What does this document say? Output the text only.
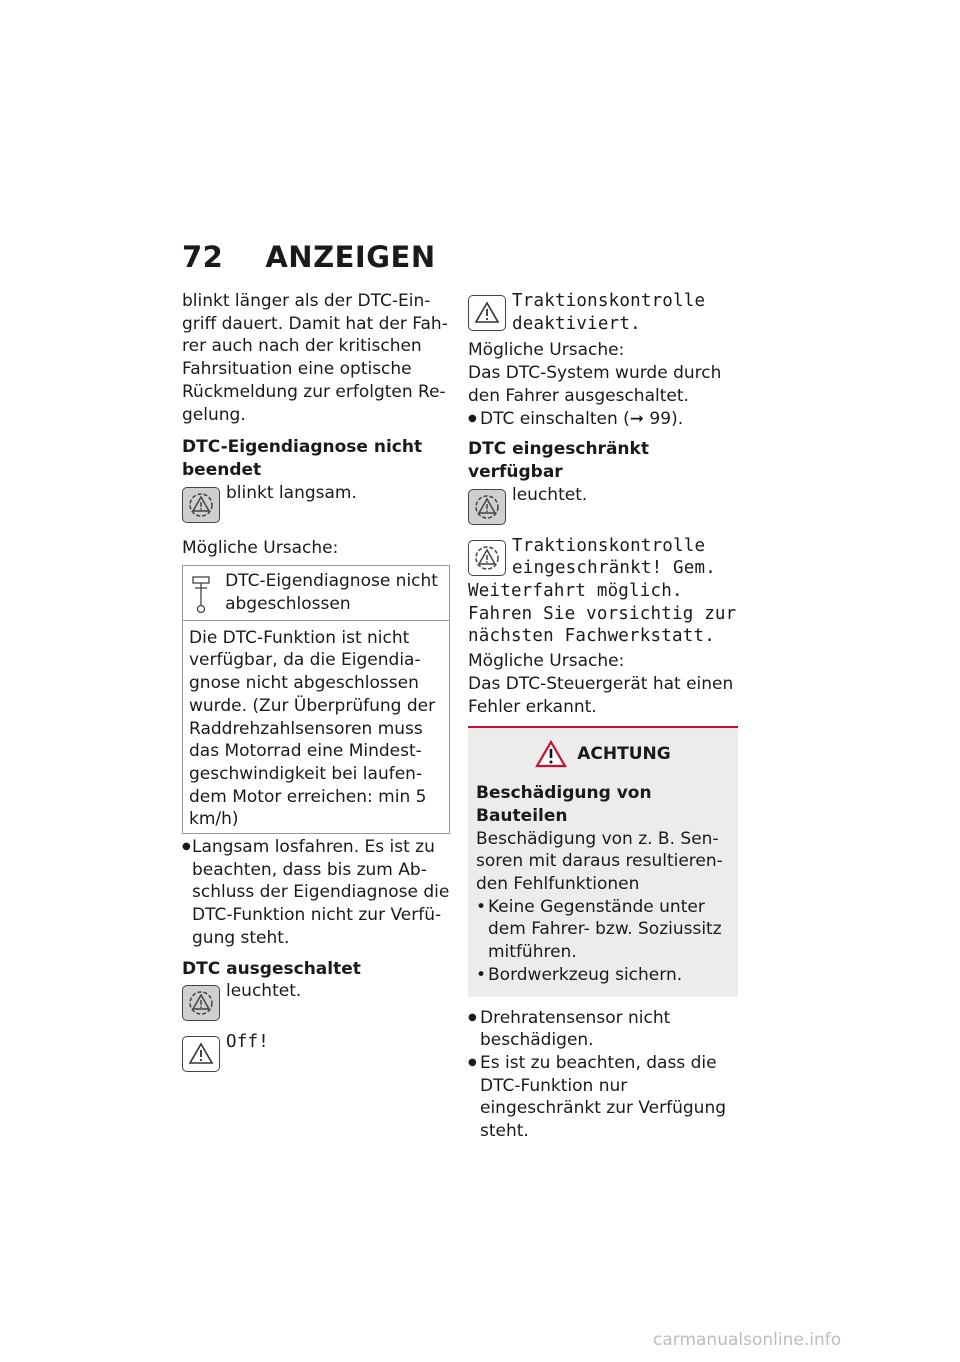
72 ANZEIGEN

blinkt länger als der DTC-Eingriff dauert. Damit hat der Fahrer auch nach der kritischen Fahrsituation eine optische Rückmeldung zur erfolgten Regelung.

DTC-Eigendiagnose nicht beendet

blinkt langsam.

Mögliche Ursache:

DTC-Eigendiagnose nicht abgeschlossen

Die DTC-Funktion ist nicht verfügbar, da die Eigendiagnose nicht abgeschlossen wurde. (Zur Überprüfung der Raddrehzahlsensoren muss das Motorrad eine Mindestgeschwindigkeit bei laufendem Motor erreichen: min 5 km/h)

● Langsam losfahren. Es ist zu beachten, dass bis zum Abschluss der Eigendiagnose die DTC-Funktion nicht zur Verfügung steht.

DTC ausgeschaltet

leuchtet.

Off!

Traktionskontrolle deaktiviert.

Mögliche Ursache:

Das DTC-System wurde durch den Fahrer ausgeschaltet.

● DTC einschalten (➞ 99).

DTC eingeschränkt verfügbar

leuchtet.

Traktionskontrolle

eingeschränkt! Gem.

Weiterfahrt möglich. Fahren Sie vorsichtig zur nächsten Fachwerkstatt.

Mögliche Ursache:

Das DTC-Steuergerät hat einen Fehler erkannt.

ACHTUNG

Beschädigung von Bauteilen

Beschädigung von z. B. Sensoren mit daraus resultierenden Fehlfunktionen

• Keine Gegenstände unter dem Fahrer- bzw. Soziussitz mitführen.

• Bordwerkzeug sichern.

● Drehratensensor nicht beschädigen.

● Es ist zu beachten, dass die DTC-Funktion nur eingeschränkt zur Verfügung steht.

carmanualsonline.info
